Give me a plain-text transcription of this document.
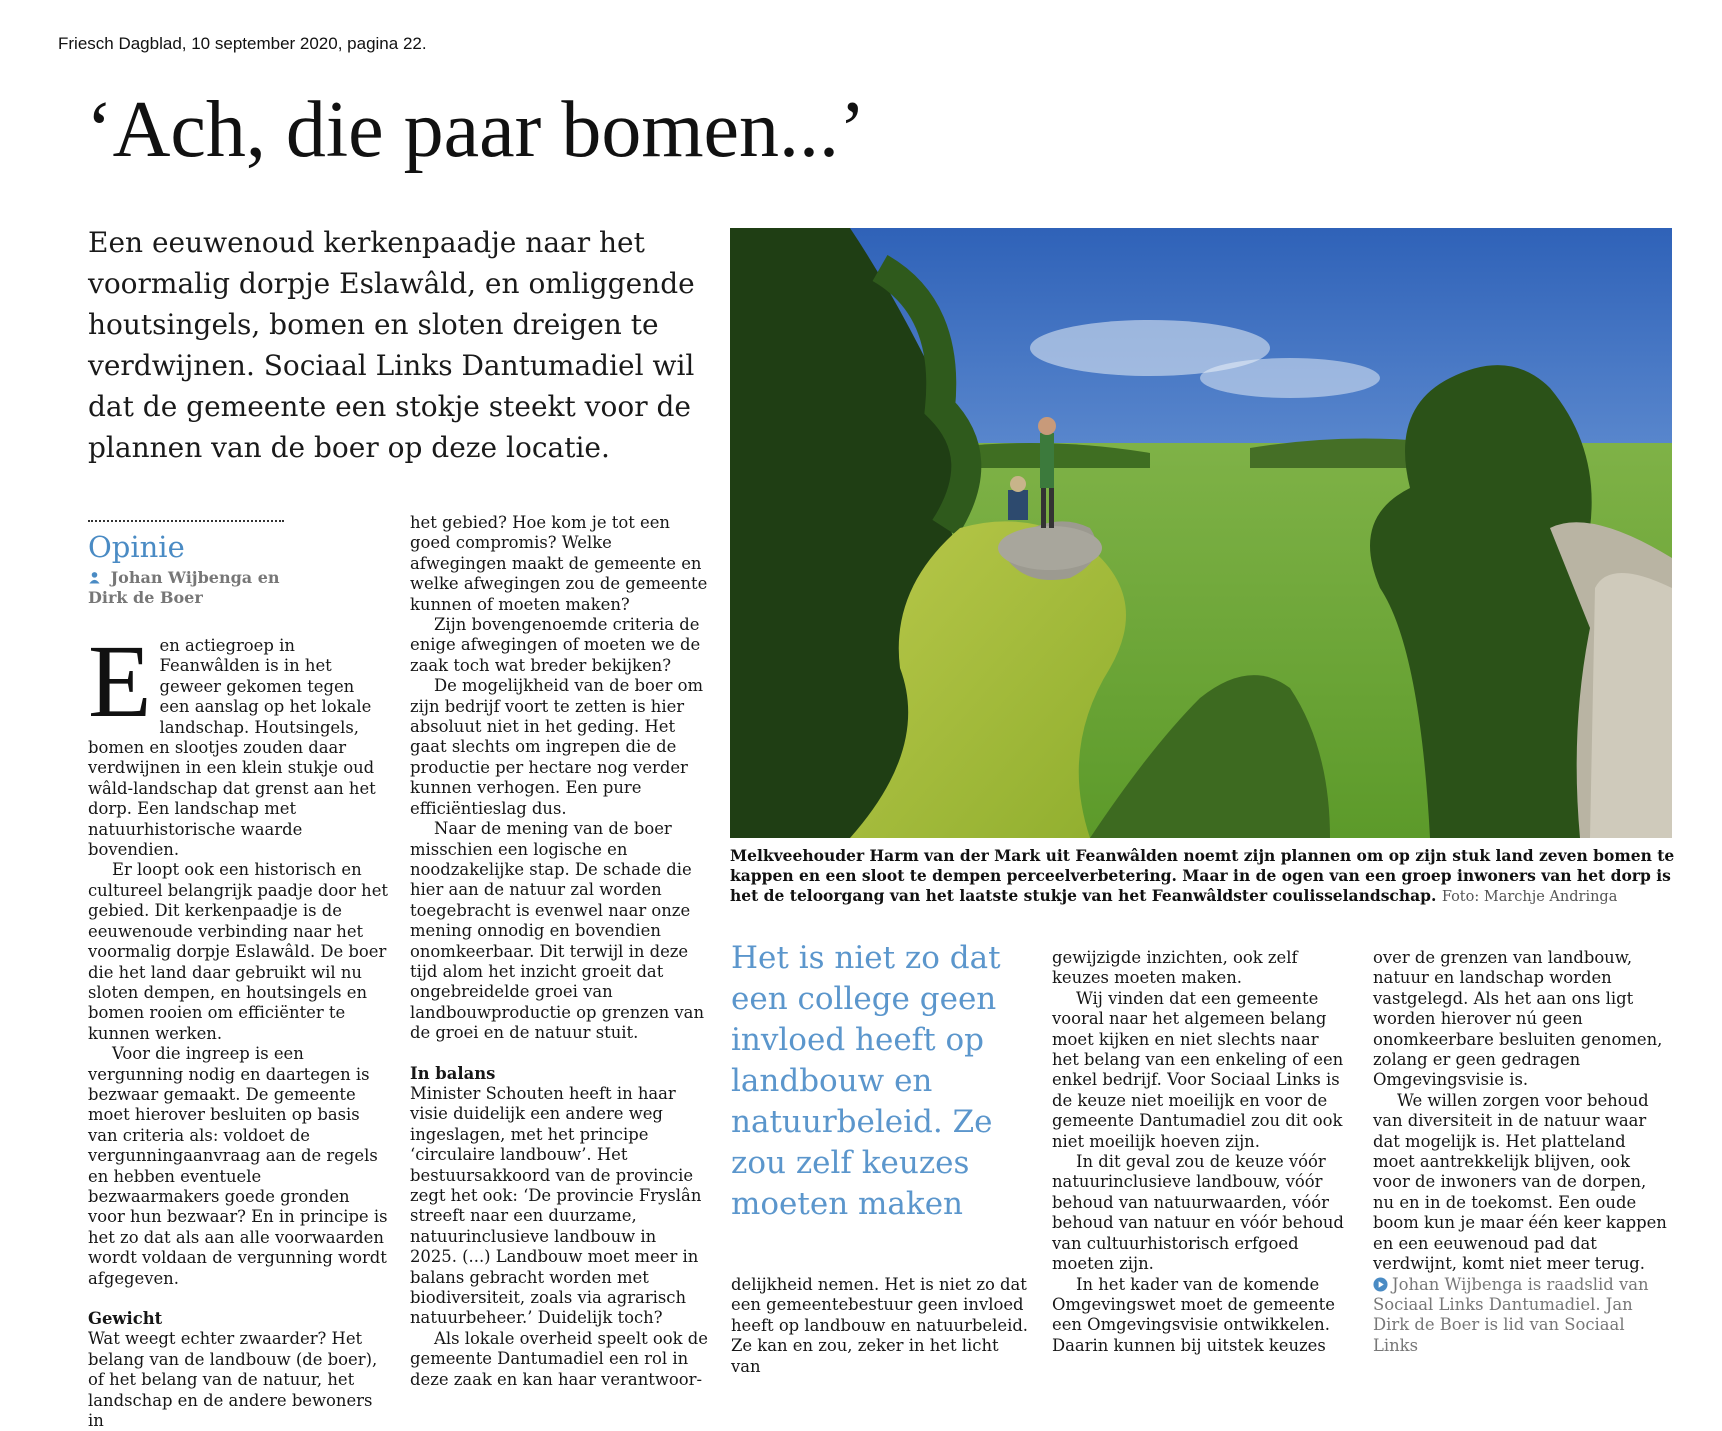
Friesch Dagblad, 10 september 2020, pagina 22.
‘Ach, die paar bomen...’
Een eeuwenoud kerkenpaadje naar het voormalig dorpje Eslawâld, en omliggende houtsingels, bomen en sloten dreigen te verdwijnen. Sociaal Links Dantumadiel wil dat de gemeente een stokje steekt voor de plannen van de boer op deze locatie.
Melkveehouder Harm van der Mark uit Feanwâlden noemt zijn plannen om op zijn stuk land zeven bomen te kappen en een sloot te dempen perceelverbetering. Maar in de ogen van een groep inwoners van het dorp is het de teloorgang van het laatste stukje van het Feanwâldster coulisselandschap. Foto: Marchje Andringa
Opinie
Johan Wijbenga en
Dirk de Boer
E en actiegroep in Feanwâlden is in het geweer gekomen tegen een aanslag op het lokale landschap. Houtsingels, bomen en slootjes zouden daar verdwijnen in een klein stukje oud wâld-landschap dat grenst aan het dorp. Een landschap met natuurhistorische waarde bovendien.

Er loopt ook een historisch en cultureel belangrijk paadje door het gebied. Dit kerkenpaadje is de eeuwenoude verbinding naar het voormalig dorpje Eslawâld. De boer die het land daar gebruikt wil nu sloten dempen, en houtsingels en bomen rooien om efficiënter te kunnen werken.

Voor die ingreep is een vergunning nodig en daartegen is bezwaar gemaakt. De gemeente moet hierover besluiten op basis van criteria als: voldoet de vergunningaanvraag aan de regels en hebben eventuele bezwaarmakers goede gronden voor hun bezwaar? En in principe is het zo dat als aan alle voorwaarden wordt voldaan de vergunning wordt afgegeven.

Gewicht

Wat weegt echter zwaarder? Het belang van de landbouw (de boer), of het belang van de natuur, het landschap en de andere bewoners in

het gebied? Hoe kom je tot een goed compromis? Welke afwegingen maakt de gemeente en welke afwegingen zou de gemeente kunnen of moeten maken?

Zijn bovengenoemde criteria de enige afwegingen of moeten we de zaak toch wat breder bekijken?

De mogelijkheid van de boer om zijn bedrijf voort te zetten is hier absoluut niet in het geding. Het gaat slechts om ingrepen die de productie per hectare nog verder kunnen verhogen. Een pure efficiëntieslag dus.

Naar de mening van de boer misschien een logische en noodzakelijke stap. De schade die hier aan de natuur zal worden toegebracht is evenwel naar onze mening onnodig en bovendien onomkeerbaar. Dit terwijl in deze tijd alom het inzicht groeit dat ongebreidelde groei van landbouwproductie op grenzen van de groei en de natuur stuit.

In balans

Minister Schouten heeft in haar visie duidelijk een andere weg ingeslagen, met het principe ‘circulaire landbouw’. Het bestuursakkoord van de provincie zegt het ook: ‘De provincie Fryslân streeft naar een duurzame, natuurinclusieve landbouw in 2025. (...) Landbouw moet meer in balans gebracht worden met biodiversiteit, zoals via agrarisch natuurbeheer.’ Duidelijk toch?

Als lokale overheid speelt ook de gemeente Dantumadiel een rol in deze zaak en kan haar verantwoor-

Het is niet zo dat een college geen invloed heeft op landbouw en natuurbeleid. Ze zou zelf keuzes moeten maken

delijkheid nemen. Het is niet zo dat een gemeentebestuur geen invloed heeft op landbouw en natuurbeleid. Ze kan en zou, zeker in het licht van

gewijzigde inzichten, ook zelf keuzes moeten maken.

Wij vinden dat een gemeente vooral naar het algemeen belang moet kijken en niet slechts naar het belang van een enkeling of een enkel bedrijf. Voor Sociaal Links is de keuze niet moeilijk en voor de gemeente Dantumadiel zou dit ook niet moeilijk hoeven zijn.

In dit geval zou de keuze vóór natuurinclusieve landbouw, vóór behoud van natuurwaarden, vóór behoud van natuur en vóór behoud van cultuurhistorisch erfgoed moeten zijn.

In het kader van de komende Omgevingswet moet de gemeente een Omgevingsvisie ontwikkelen. Daarin kunnen bij uitstek keuzes

over de grenzen van landbouw, natuur en landschap worden vastgelegd. Als het aan ons ligt worden hierover nú geen onomkeerbare besluiten genomen, zolang er geen gedragen Omgevingsvisie is.

We willen zorgen voor behoud van diversiteit in de natuur waar dat mogelijk is. Het platteland moet aantrekkelijk blijven, ook voor de inwoners van de dorpen, nu en in de toekomst. Een oude boom kun je maar één keer kappen en een eeuwenoud pad dat verdwijnt, komt niet meer terug.

Johan Wijbenga is raadslid van Sociaal Links Dantumadiel. Jan Dirk de Boer is lid van Sociaal Links
